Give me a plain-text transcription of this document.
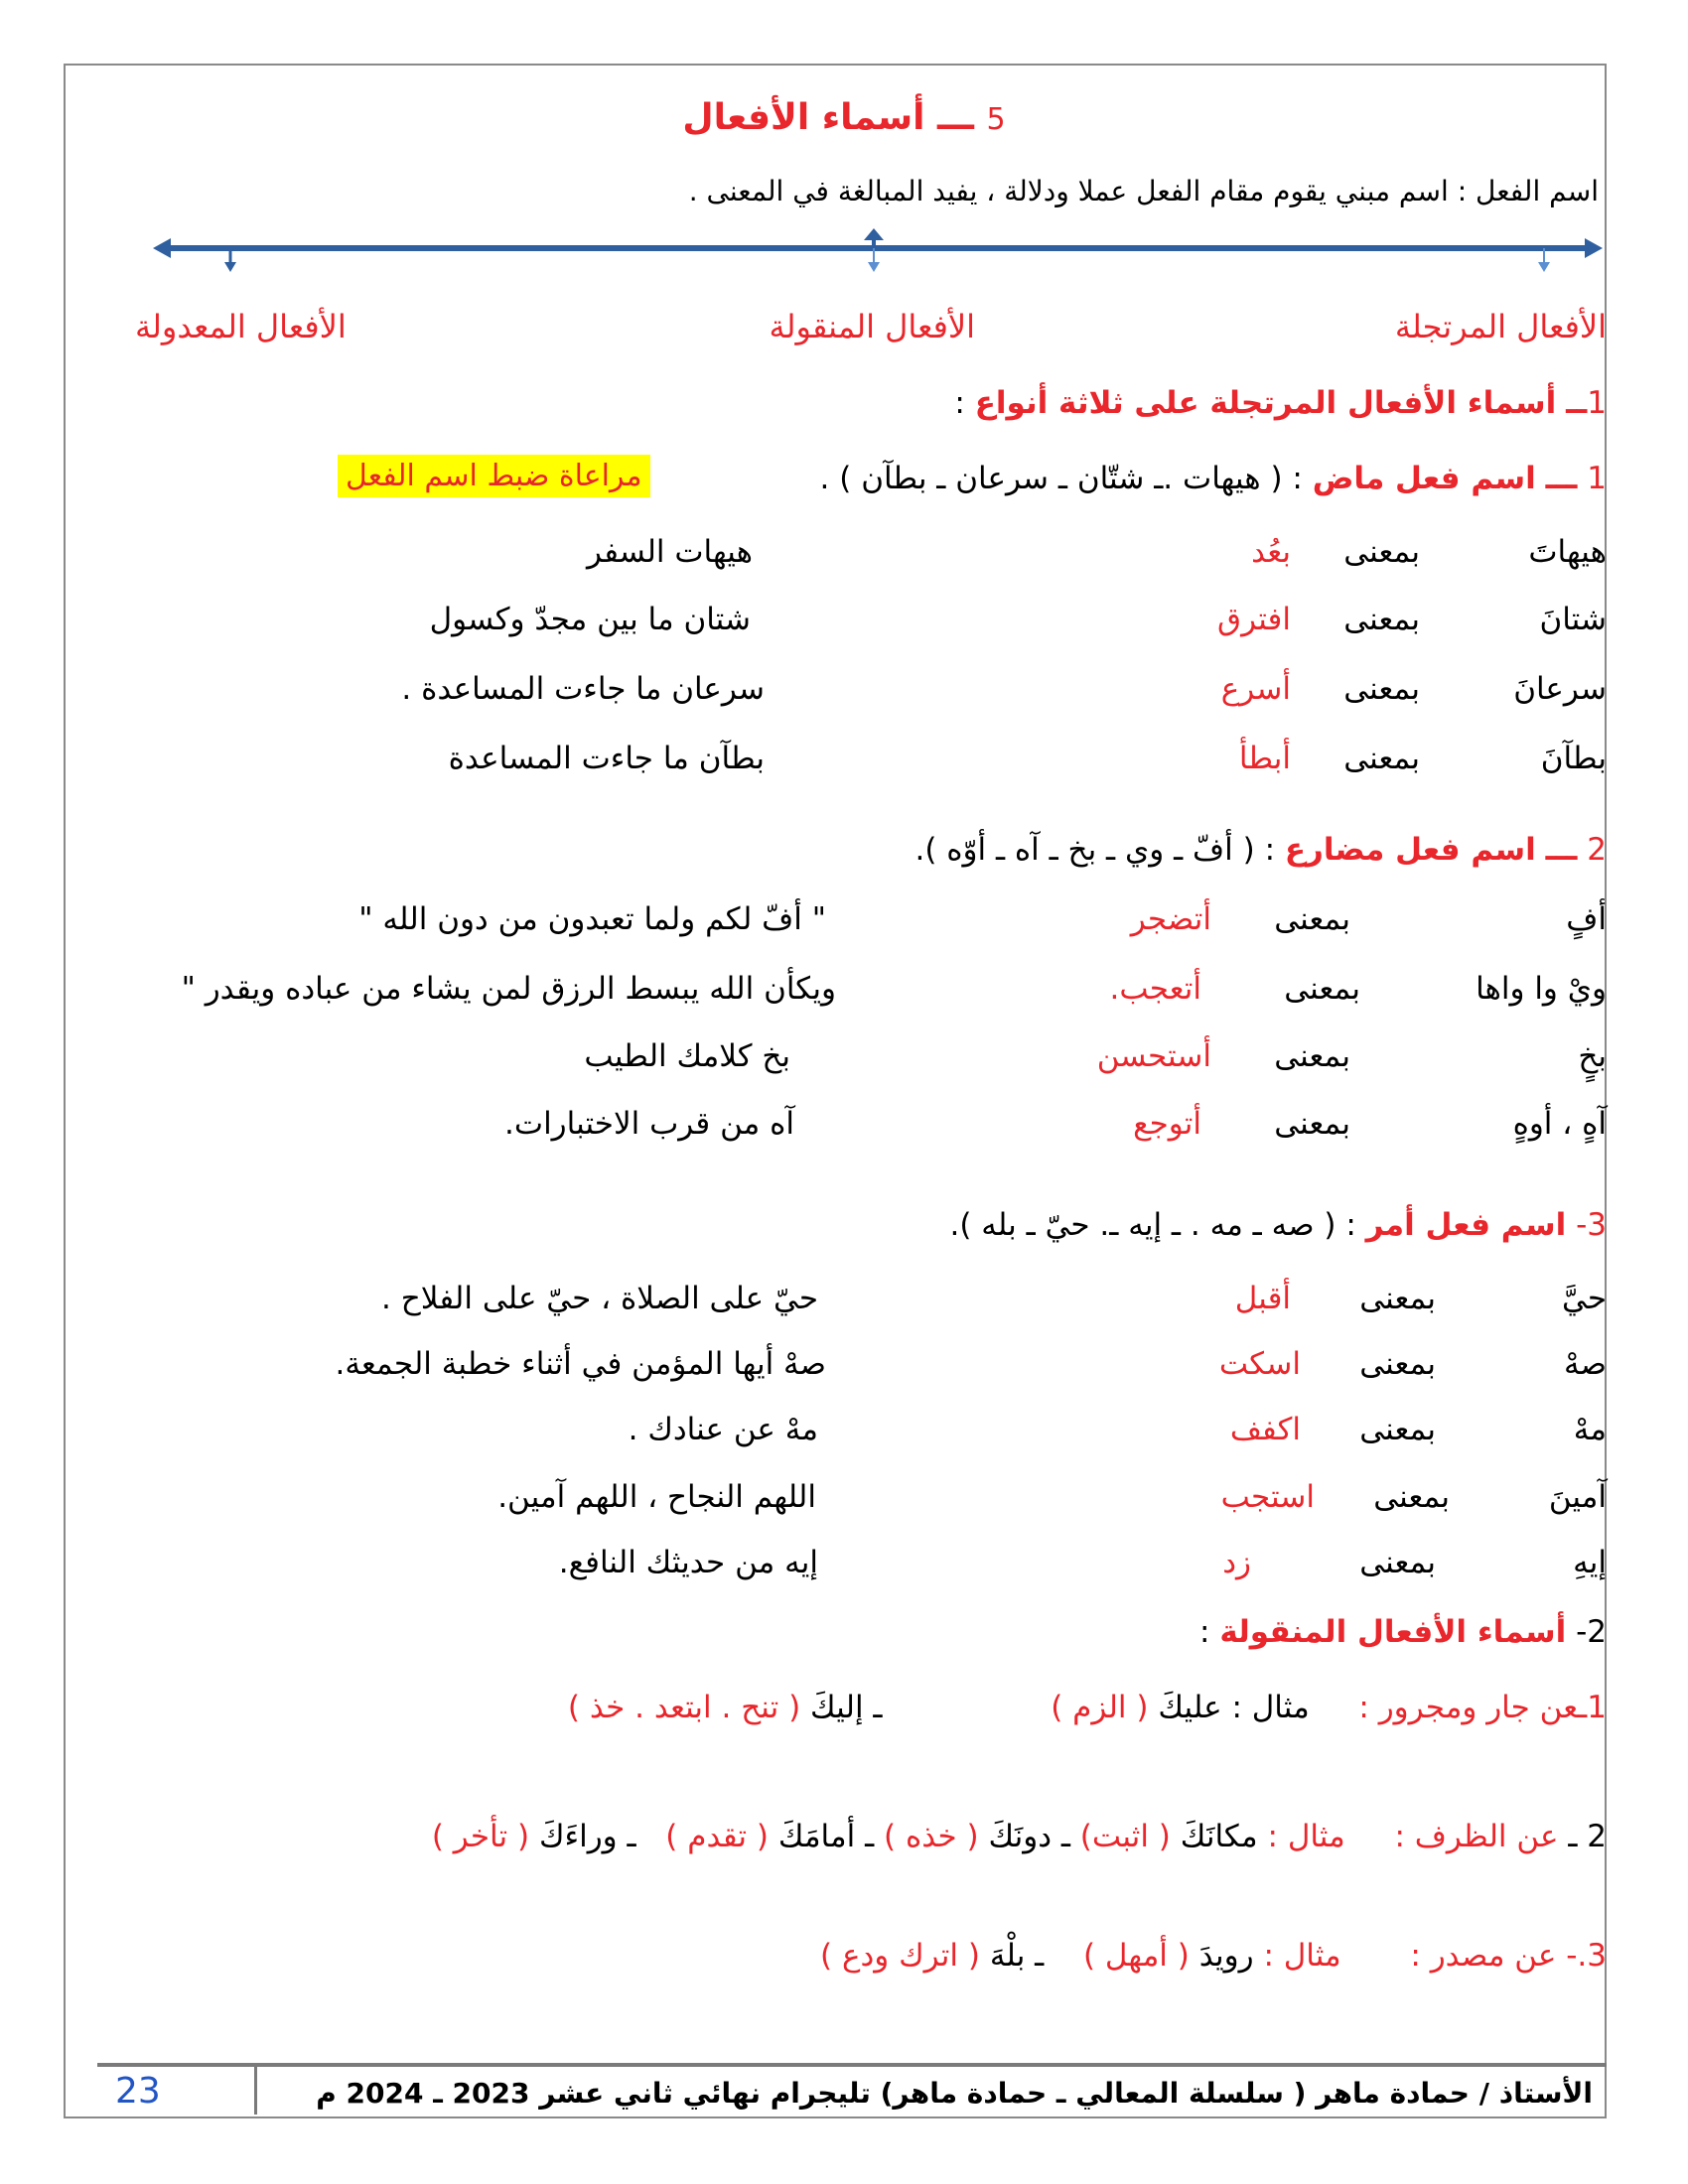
5 ـــ أسماء الأفعال
اسم الفعل : اسم مبني يقوم مقام الفعل عملا ودلالة ، يفيد المبالغة في المعنى .
الأفعال المرتجلة
الأفعال المنقولة
الأفعال المعدولة
1ــ أسماء الأفعال المرتجلة على ثلاثة أنواع :
1 ـــ اسم فعل ماض : ( هيهات .ـ شتّان ـ سرعان ـ بطآن ) .
مراعاة ضبط اسم الفعل
هيهاتَ
بمعنى
بعُد
هيهات السفر
شتانَ
بمعنى
افترق
شتان ما بين مجدّ وكسول
سرعانَ
بمعنى
أسرع
سرعان ما جاءت المساعدة .
بطآنَ
بمعنى
أبطأ
بطآن ما جاءت المساعدة
2 ـــ اسم فعل مضارع : ( أفّ ـ وي ـ بخ ـ آه ـ أوّه ).
أفٍ
بمعنى
أتضجر
" أفّ لكم ولما تعبدون من دون الله "
ويْ وا واها
بمعنى
أتعجب.
ويكأن الله يبسط الرزق لمن يشاء من عباده ويقدر "
بخٍ
بمعنى
أستحسن
بخ كلامك الطيب
آهٍ ، أوهٍ
بمعنى
أتوجع
آه من قرب الاختبارات.
3- اسم فعل أمر : ( صه ـ مه . ـ إيه ـ. حيّ ـ بله ).
حيَّ
بمعنى
أقبل
حيّ على الصلاة ، حيّ على الفلاح .
صهْ
بمعنى
اسكت
صهْ أيها المؤمن في أثناء خطبة الجمعة.
مهْ
بمعنى
اكفف
مهْ عن عنادك .
آمينَ
بمعنى
استجب
اللهم النجاح ، اللهم آمين.
إيهِ
بمعنى
زد
إيه من حديثك النافع.
2- أسماء الأفعال المنقولة :
1ـعن جار ومجرور :  مثال : عليكَ ( الزم )  ـ إليكَ ( تنح . ابتعد . خذ )
2 ـ عن الظرف :  مثال : مكانَكَ ( اثبت) ـ دونَكَ ( خذه ) ـ أمامَكَ ( تقدم )  ـ وراءَكَ ( تأخر )
3.- عن مصدر :  مثال : رويدَ ( أمهل )  ـ بلْهَ ( اترك ودع )
الأستاذ / حمادة ماهر ( سلسلة المعالي ـ حمادة ماهر) تليجرام نهائي ثاني عشر 2023 ـ 2024 م
23
